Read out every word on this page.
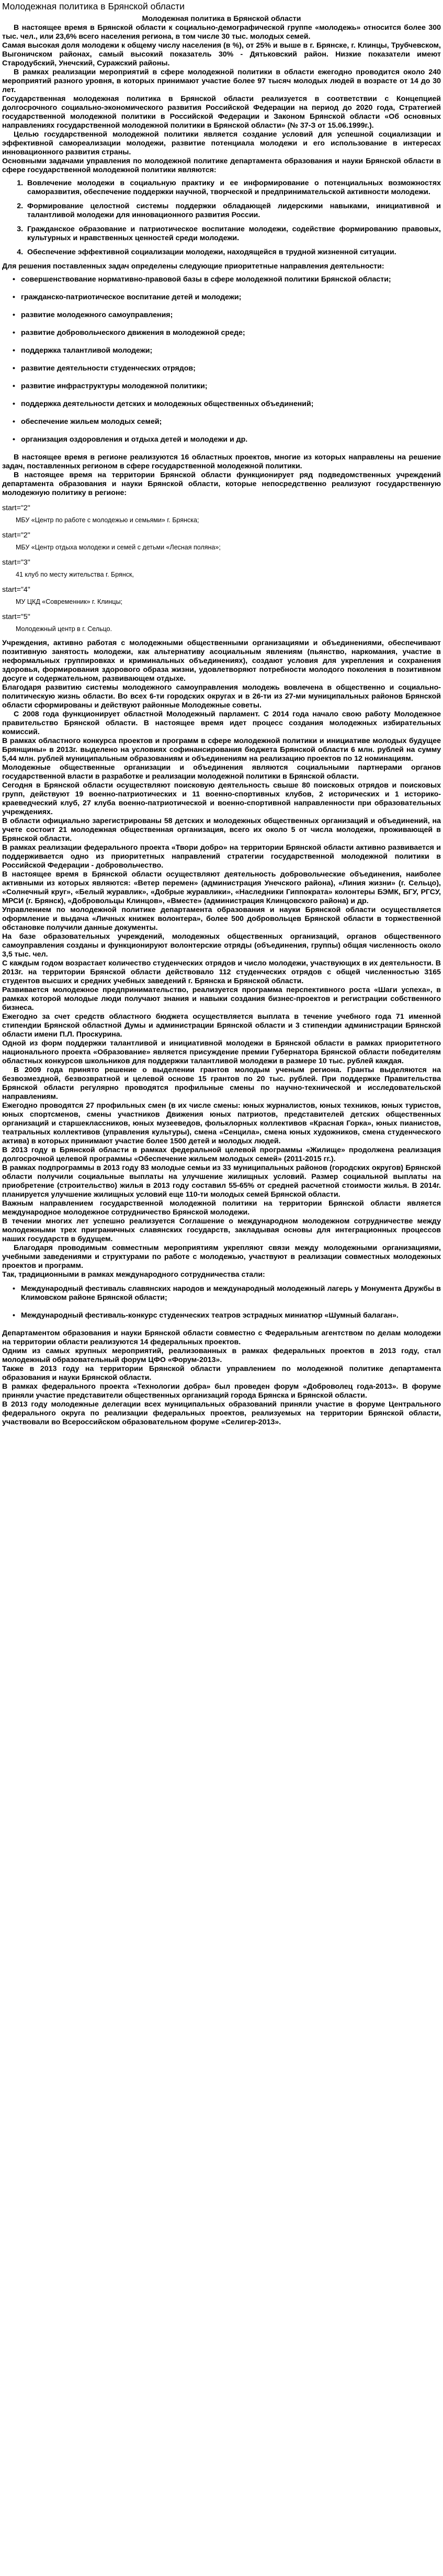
Молодежная политика в Брянской области

Молодежная политика в Брянской области

В настоящее время в Брянской области к социально-демографической группе «молодежь» относится более 300 тыс. чел., или 23,6% всего населения региона, в том числе 30 тыс. молодых семей.

Самая высокая доля молодежи к общему числу населения (в %), от 25% и выше в г. Брянске, г. Клинцы, Трубчевском, Выгоничском районах, самый высокий показатель 30% - Дятьковский район. Низкие показатели имеют Стародубский, Унечский, Суражский районы.

В рамках реализации мероприятий в сфере молодежной политики в области ежегодно проводится около 240 мероприятий разного уровня, в которых принимают участие более 97 тысяч молодых людей в возрасте от 14 до 30 лет.

Государственная молодежная политика в Брянской области реализуется в соответствии с Концепцией долгосрочного социально-экономического развития Российской Федерации на период до 2020 года, Стратегией государственной молодежной политики в Российской Федерации и Законом Брянской области «Об основных направлениях государственной молодежной политики в Брянской области» (№ 37-З от 15.06.1999г.).

Целью государственной молодежной политики является создание условий для успешной социализации и эффективной самореализации молодежи, развитие потенциала молодежи и его использование в интересах инновационного развития страны.

Основными задачами управления по молодежной политике департамента образования и науки Брянской области в сфере государственной молодежной политики являются:

1. Вовлечение молодежи в социальную практику и ее информирование о потенциальных возможностях саморазвития, обеспечение поддержки научной, творческой и предпринимательской активности молодежи.
2. Формирование целостной системы поддержки обладающей лидерскими навыками, инициативной и талантливой молодежи для инновационного развития России.
3. Гражданское образование и патриотическое воспитание молодежи, содействие формированию правовых, культурных и нравственных ценностей среди молодежи.
4. Обеспечение эффективной социализации молодежи, находящейся в трудной жизненной ситуации.

Для решения поставленных задач определены следующие приоритетные направления деятельности:

• совершенствование нормативно-правовой базы в сфере молодежной политики Брянской области;
• гражданско-патриотическое воспитание детей и молодежи;
• развитие молодежного самоуправления;
• развитие добровольческого движения в молодежной среде;
• поддержка талантливой молодежи;
• развитие деятельности студенческих отрядов;
• развитие инфраструктуры молодежной политики;
• поддержка деятельности детских и молодежных общественных объединений;
• обеспечение жильем молодых семей;
• организация оздоровления и отдыха детей и молодежи и др.

В настоящее время в регионе реализуются 16 областных проектов, многие из которых направлены на решение задач, поставленных регионом в сфере государственной молодежной политики.

В настоящее время на территории Брянской области функционирует ряд подведомственных учреждений департамента образования и науки Брянской области, которые непосредственно реализуют государственную молодежную политику в регионе:

start="2"
МБУ «Центр по работе с молодежью и семьями» г. Брянска;
start="2"
МБУ «Центр отдыха молодежи и семей с детьми «Лесная поляна»;
start="3"
41 клуб по месту жительства г. Брянск,
start="4"
МУ ЦКД «Современник» г. Клинцы;
start="5"
Молодежный центр в г. Сельцо.

Учреждения, активно работая с молодежными общественными организациями и объединениями, обеспечивают позитивную занятость молодежи, как альтернативу асоциальным явлениям (пьянство, наркомания, участие в неформальных группировках и криминальных объединениях), создают условия для укрепления и сохранения здоровья, формирования здорового образа жизни, удовлетворяют потребности молодого поколения в позитивном досуге и содержательном, развивающем отдыхе.

Благодаря развитию системы молодежного самоуправления молодежь вовлечена в общественно и социально-политическую жизнь области. Во всех 6-ти городских округах и в 26-ти из 27-ми муниципальных районов Брянской области сформированы и действуют районные Молодежные советы.

С 2008 года функционирует областной Молодежный парламент. С 2014 года начало свою работу Молодежное правительство Брянской области. В настоящее время идет процесс создания молодежных избирательных комиссий.

В рамках областного конкурса проектов и программ в сфере молодежной политики и инициативе молодых будущее Брянщины» в 2013г. выделено на условиях софинансирования бюджета Брянской области 6 млн. рублей на сумму 5,44 млн. рублей муниципальным образованиям и объединениям на реализацию проектов по 12 номинациям.

Молодежные общественные организации и объединения являются социальными партнерами органов государственной власти в разработке и реализации молодежной политики в Брянской области.

Сегодня в Брянской области осуществляют поисковую деятельность свыше 80 поисковых отрядов и поисковых групп, действуют 19 военно-патриотических и 11 военно-спортивных клубов, 2 исторических и 1 историко-краеведческий клуб, 27 клуба военно-патриотической и военно-спортивной направленности при образовательных учреждениях.

В области официально зарегистрированы 58 детских и молодежных общественных организаций и объединений, на учете состоит 21 молодежная общественная организация, всего их около 5 от числа молодежи, проживающей в Брянской области.

В рамках реализации федерального проекта «Твори добро» на территории Брянской области активно развивается и поддерживается одно из приоритетных направлений стратегии государственной молодежной политики в Российской Федерации - добровольчество.

В настоящее время в Брянской области осуществляют деятельность добровольческие объединения, наиболее активными из которых являются: «Ветер перемен» (администрация Унечского района), «Линия жизни» (г. Сельцо), «Солнечный круг», «Белый журавлик», «Добрые журавлики», «Наследники Гиппократа» колонтеры БЭМК, БГУ, РГСУ, МРСИ (г. Брянск), «Добровольцы Клинцов», «Вместе» (администрация Клинцовского района) и др.

Управлением по молодежной политике департамента образования и науки Брянской области осуществляется оформление и выдача «Личных книжек волонтера», более 500 добровольцев Брянской области в торжественной обстановке получили данные документы.

На базе образовательных учреждений, молодежных общественных организаций, органов общественного самоуправления созданы и функционируют волонтерские отряды (объединения, группы) общая численность около 3,5 тыс. чел.

С каждым годом возрастает количество студенческих отрядов и число молодежи, участвующих в их деятельности. В 2013г. на территории Брянской области действовало 112 студенческих отрядов с общей численностью 3165 студентов высших и средних учебных заведений г. Брянска и Брянской области.

Развивается молодежное предпринимательство, реализуется программа перспективного роста «Шаги успеха», в рамках которой молодые люди получают знания и навыки создания бизнес-проектов и регистрации собственного бизнеса.

Ежегодно за счет средств областного бюджета осуществляется выплата в течение учебного года 71 именной стипендии Брянской областной Думы и администрации Брянской области и 3 стипендии администрации Брянской области имени П.Л. Проскурина.

Одной из форм поддержки талантливой и инициативной молодежи в Брянской области в рамках приоритетного национального проекта «Образование» является присуждение премии Губернатора Брянской области победителям областных конкурсов школьников для поддержки талантливой молодежи в размере 10 тыс. рублей каждая.

В 2009 года принято решение о выделении грантов молодым ученым региона. Гранты выделяются на безвозмездной, безвозвратной и целевой основе 15 грантов по 20 тыс. рублей. При поддержке Правительства Брянской области регулярно проводятся профильные смены по научно-технической и исследовательской направлениям.

Ежегодно проводятся 27 профильных смен (в их числе смены: юных журналистов, юных техников, юных туристов, юных спортсменов, смены участников Движения юных патриотов, представителей детских общественных организаций и старшеклассников, юных музееведов, фольклорных коллективов «Красная Горка», юных пианистов, театральных коллективов (управления культуры), смена «Сенцила», смена юных художников, смена студенческого актива) в которых принимают участие более 1500 детей и молодых людей.

В 2013 году в Брянской области в рамках федеральной целевой программы «Жилище» продолжена реализация долгосрочной целевой программы «Обеспечение жильем молодых семей» (2011-2015 гг.).

В рамках подпрограммы в 2013 году 83 молодые семьи из 33 муниципальных районов (городских округов) Брянской области получили социальные выплаты на улучшение жилищных условий. Размер социальной выплаты на приобретение (строительство) жилья в 2013 году составил 55-65% от средней расчетной стоимости жилья. В 2014г. планируется улучшение жилищных условий еще 110-ти молодых семей Брянской области.

Важным направлением государственной молодежной политики на территории Брянской области является международное молодежное сотрудничество Брянской молодежи.

В течении многих лет успешно реализуется Соглашение о международном молодежном сотрудничестве между молодежными трех приграничных славянских государств, закладывая основы для интеграционных процессов наших государств в будущем.

Благодаря проводимым совместным мероприятиям укрепляют связи между молодежными организациями, учебными заведениями и структурами по работе с молодежью, участвуют в реализации совместных молодежных проектов и программ.

Так, традиционными в рамках международного сотрудничества стали:

• Международный фестиваль славянских народов и международный молодежный лагерь у Монумента Дружбы в Климовском районе Брянской области;
• Международный фестиваль-конкурс студенческих театров эстрадных миниатюр «Шумный балаган».

Департаментом образования и науки Брянской области совместно с Федеральным агентством по делам молодежи на территории области реализуются 14 федеральных проектов.

Одним из самых крупных мероприятий, реализованных в рамках федеральных проектов в 2013 году, стал молодежный образовательный форум ЦФО «Форум-2013».

Также в 2013 году на территории Брянской области управлением по молодежной политике департамента образования и науки Брянской области.

В рамках федерального проекта «Технологии добра» был проведен форум «Доброволец года-2013». В форуме приняли участие представители общественных организаций города Брянска и Брянской области.

В 2013 году молодежные делегации всех муниципальных образований приняли участие в форуме Центрального федерального округа по реализации федеральных проектов, реализуемых на территории Брянской области, участвовали во Всероссийском образовательном форуме «Селигер-2013».
